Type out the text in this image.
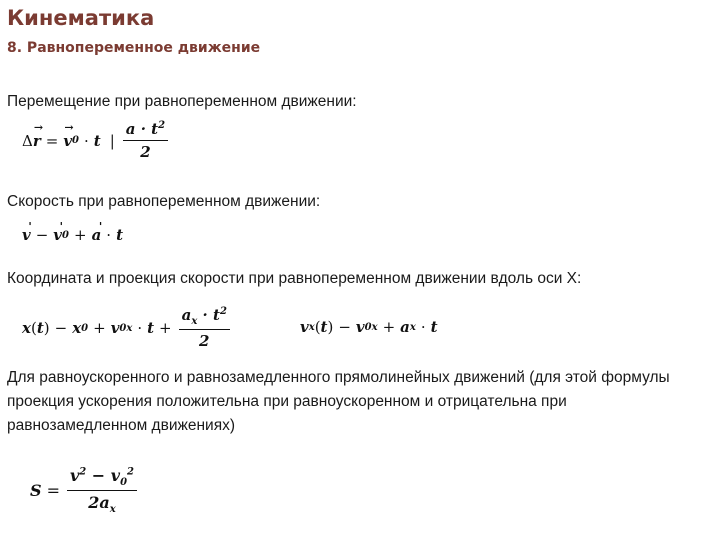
Кинематика
8. Равнопеременное движение
Перемещение при равнопеременном движении:
Δ r → = v → 0 · t | $\frac{a \cdot t^2}{2}$
Скорость при равнопеременном движении:
v ' − v ' 0 + a ' · t
Координата и проекция скорости при равнопеременном движении вдоль оси X:
x ( t ) − x 0 + v $0x \cdot t + \frac{a_x \cdot t^2}{2}$	v x ( t ) − v 0x + a x · t
Для равноускоренного и равнозамедленного прямолинейных движений (для этой формулы проекция ускорения положительна при равноускоренном и отрицательна при равнозамедленном движениях)
$S = \frac{v^2 - v_0^2}{2a_x}$
